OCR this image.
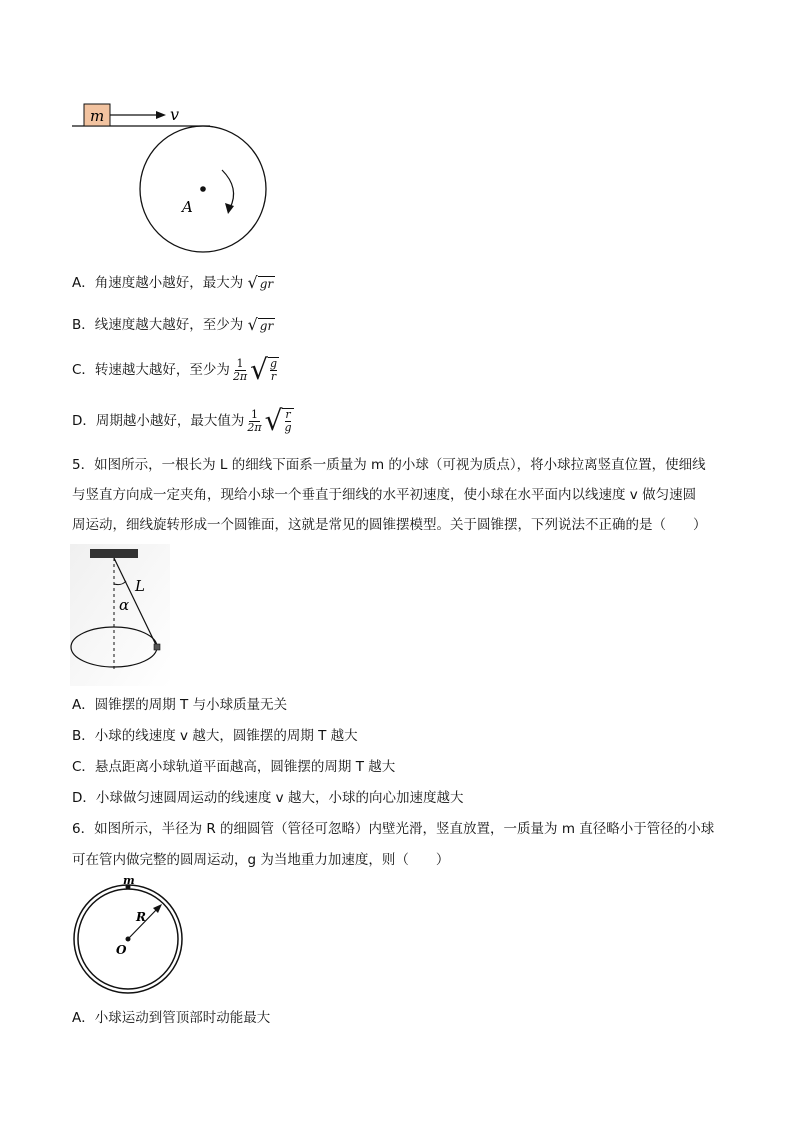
m	v
A
A．角速度越小越好，最大为 √ gr
B．线速度越大越好，至少为 √ gr
C．转速越大越好，至少为 $\frac{1}{2\pi}$ √ g
r
D．周期越小越好，最大值为 $\frac{1}{2\pi}$ √ r
g
5．如图所示，一根长为 L 的细线下面系一质量为 m 的小球（可视为质点），将小球拉离竖直位置，使细线
与竖直方向成一定夹角，现给小球一个垂直于细线的水平初速度，使小球在水平面内以线速度 v 做匀速圆
周运动，细线旋转形成一个圆锥面，这就是常见的圆锥摆模型。关于圆锥摆，下列说法不正确的是（　　）
L
α
A．圆锥摆的周期 T 与小球质量无关
B．小球的线速度 v 越大，圆锥摆的周期 T 越大
C．悬点距离小球轨道平面越高，圆锥摆的周期 T 越大
D．小球做匀速圆周运动的线速度 v 越大，小球的向心加速度越大
6．如图所示，半径为 R 的细圆管（管径可忽略）内壁光滑，竖直放置，一质量为 m 直径略小于管径的小球
可在管内做完整的圆周运动，g 为当地重力加速度，则（　　）
m
R
O
A．小球运动到管顶部时动能最大
